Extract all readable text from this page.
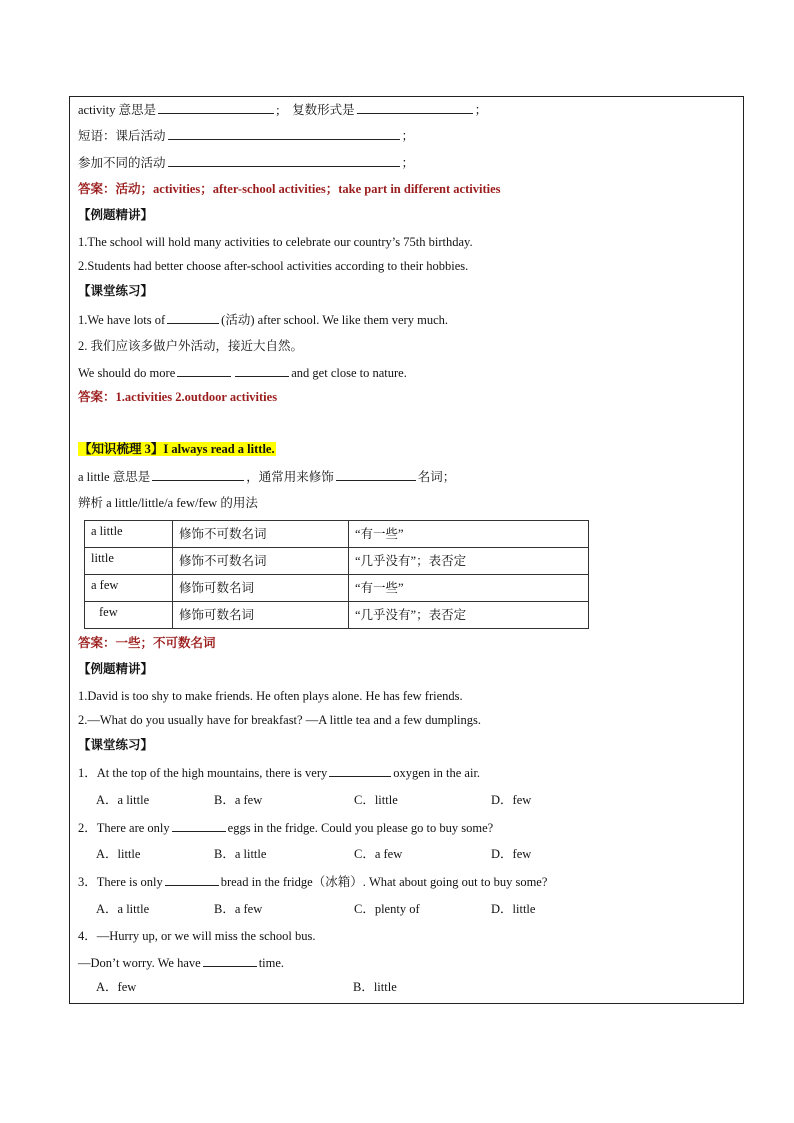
activity 意思是	; 复数形式是	；
短语：课后活动	；
参加不同的活动	；
答案：活动；activities；after-school activities；take part in different activities
【例题精讲】
1.The school will hold many activities to celebrate our country’s 75th birthday.
2.Students had better choose after-school activities according to their hobbies.
【课堂练习】
1.We have lots of	(活动) after school. We like them very much.
2. 我们应该多做户外活动，接近大自然。
We should do more	and get close to nature.
答案：1.activities 2.outdoor activities
【知识梳理 3】I always read a little.
a little 意思是	，通常用来修饰	名词；
辨析 a little/little/a few/few 的用法
a little	修饰不可数名词	“有一些”
little	修饰不可数名词	“几乎没有”；表否定
a few	修饰可数名词	“有一些”
few	修饰可数名词	“几乎没有”；表否定
答案：一些；不可数名词
【例题精讲】
1.David is too shy to make friends. He often plays alone. He has few friends.
2.—What do you usually have for breakfast? —A little tea and a few dumplings.
【课堂练习】
1．At the top of the high mountains, there is very	oxygen in the air.
A．a little	B．a few	C．little	D．few
2．There are only	eggs in the fridge. Could you please go to buy some?
A．little	B．a little	C．a few	D．few
3．There is only	bread in the fridge（冰箱）. What about going out to buy some?
A．a little	B．a few	C．plenty of	D．little
4．—Hurry up, or we will miss the school bus.
—Don’t worry. We have	time.
A．few	B．little
